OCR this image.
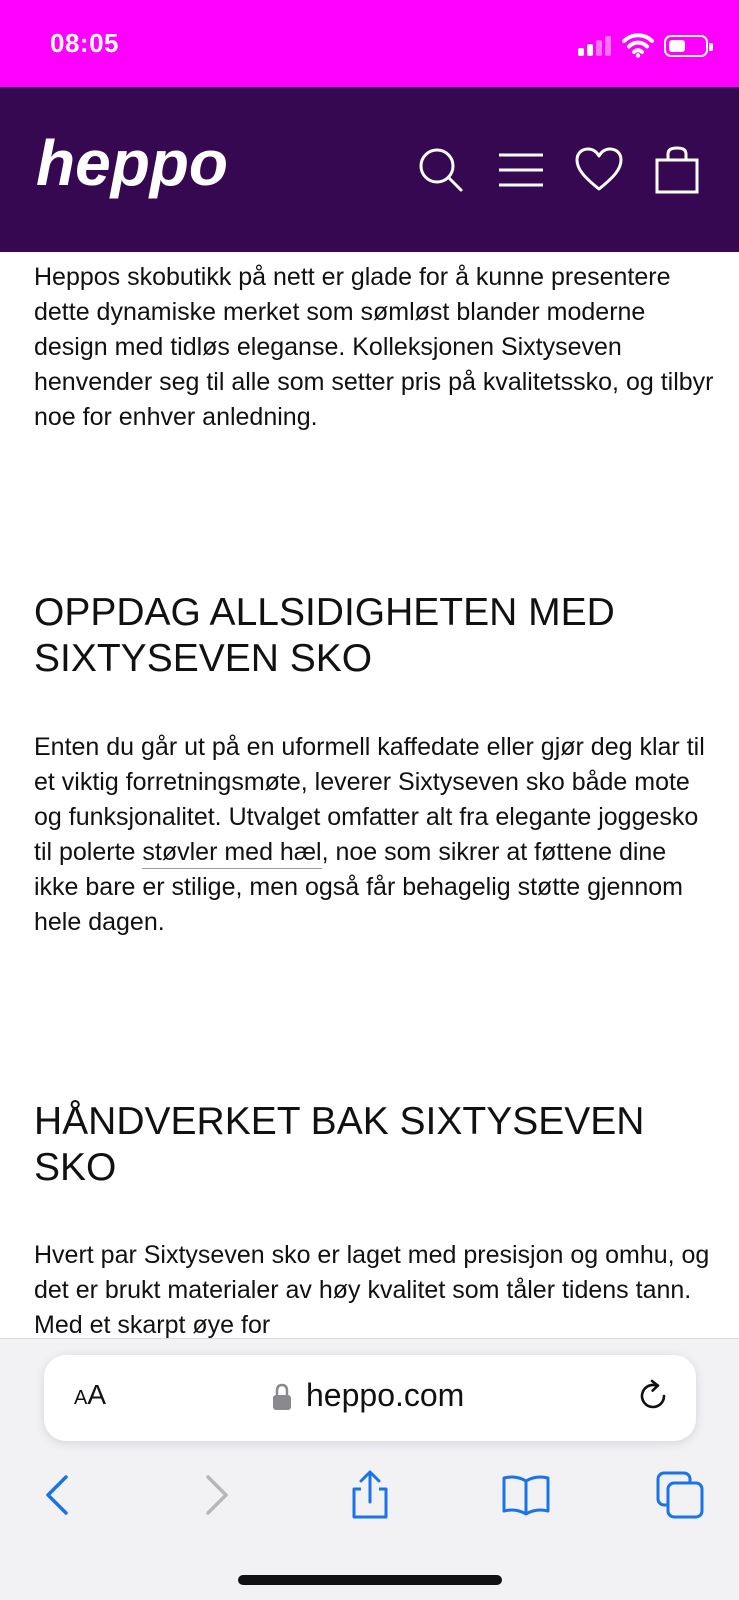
08:05
heppo

Heppos skobutikk på nett er glade for å kunne presentere dette dynamiske merket som sømløst blander moderne design med tidløs eleganse. Kolleksjonen Sixtyseven henvender seg til alle som setter pris på kvalitetssko, og tilbyr noe for enhver anledning.

OPPDAG ALLSIDIGHETEN MED SIXTYSEVEN SKO

Enten du går ut på en uformell kaffedate eller gjør deg klar til et viktig forretningsmøte, leverer Sixtyseven sko både mote og funksjonalitet. Utvalget omfatter alt fra elegante joggesko til polerte støvler med hæl, noe som sikrer at føttene dine ikke bare er stilige, men også får behagelig støtte gjennom hele dagen.

HÅNDVERKET BAK SIXTYSEVEN SKO

Hvert par Sixtyseven sko er laget med presisjon og omhu, og det er brukt materialer av høy kvalitet som tåler tidens tann. Med et skarpt øye for

AA	heppo.com
